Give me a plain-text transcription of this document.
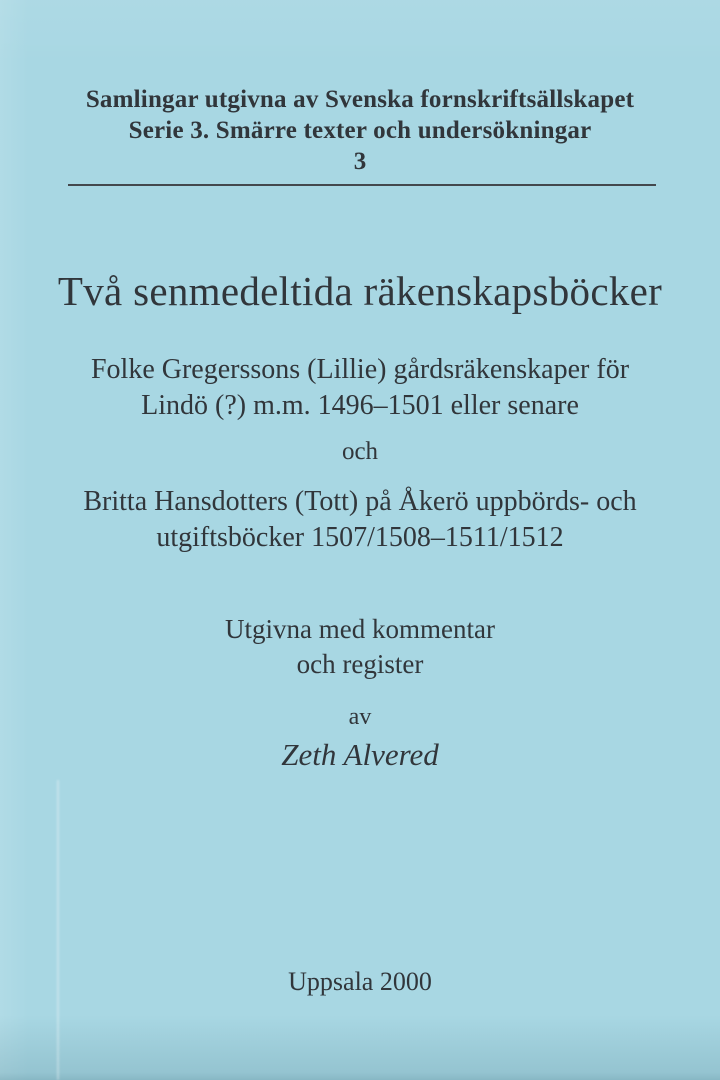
Samlingar utgivna av Svenska fornskriftsällskapet
Serie 3. Smärre texter och undersökningar
3
Två senmedeltida räkenskapsböcker
Folke Gregerssons (Lillie) gårdsräkenskaper för
Lindö (?) m.m. 1496–1501 eller senare
och
Britta Hansdotters (Tott) på Åkerö uppbörds- och
utgiftsböcker 1507/1508–1511/1512
Utgivna med kommentar
och register
av
Zeth Alvered
Uppsala 2000
